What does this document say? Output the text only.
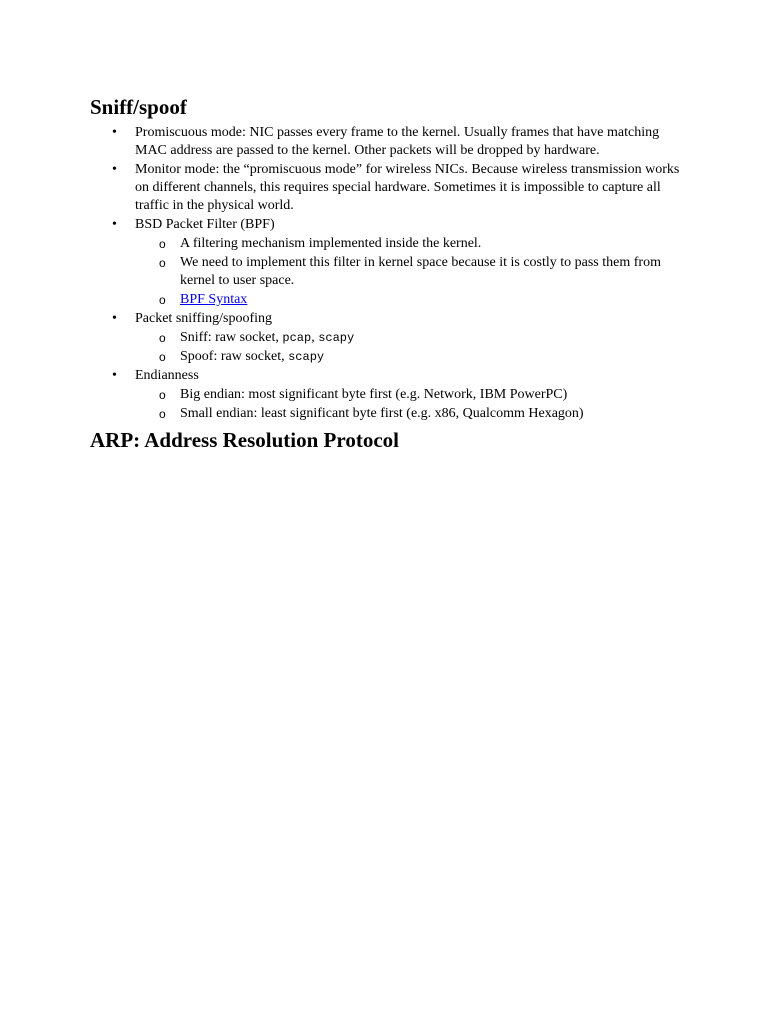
Sniff/spoof
• Promiscuous mode: NIC passes every frame to the kernel. Usually frames that have matching MAC address are passed to the kernel. Other packets will be dropped by hardware.
• Monitor mode: the “promiscuous mode” for wireless NICs. Because wireless transmission works on different channels, this requires special hardware. Sometimes it is impossible to capture all traffic in the physical world.
• BSD Packet Filter (BPF)
o A filtering mechanism implemented inside the kernel.
o We need to implement this filter in kernel space because it is costly to pass them from kernel to user space.
o BPF Syntax
• Packet sniffing/spoofing
o Sniff: raw socket, pcap, scapy
o Spoof: raw socket, scapy
• Endianness
o Big endian: most significant byte first (e.g. Network, IBM PowerPC)
o Small endian: least significant byte first (e.g. x86, Qualcomm Hexagon)
ARP: Address Resolution Protocol
